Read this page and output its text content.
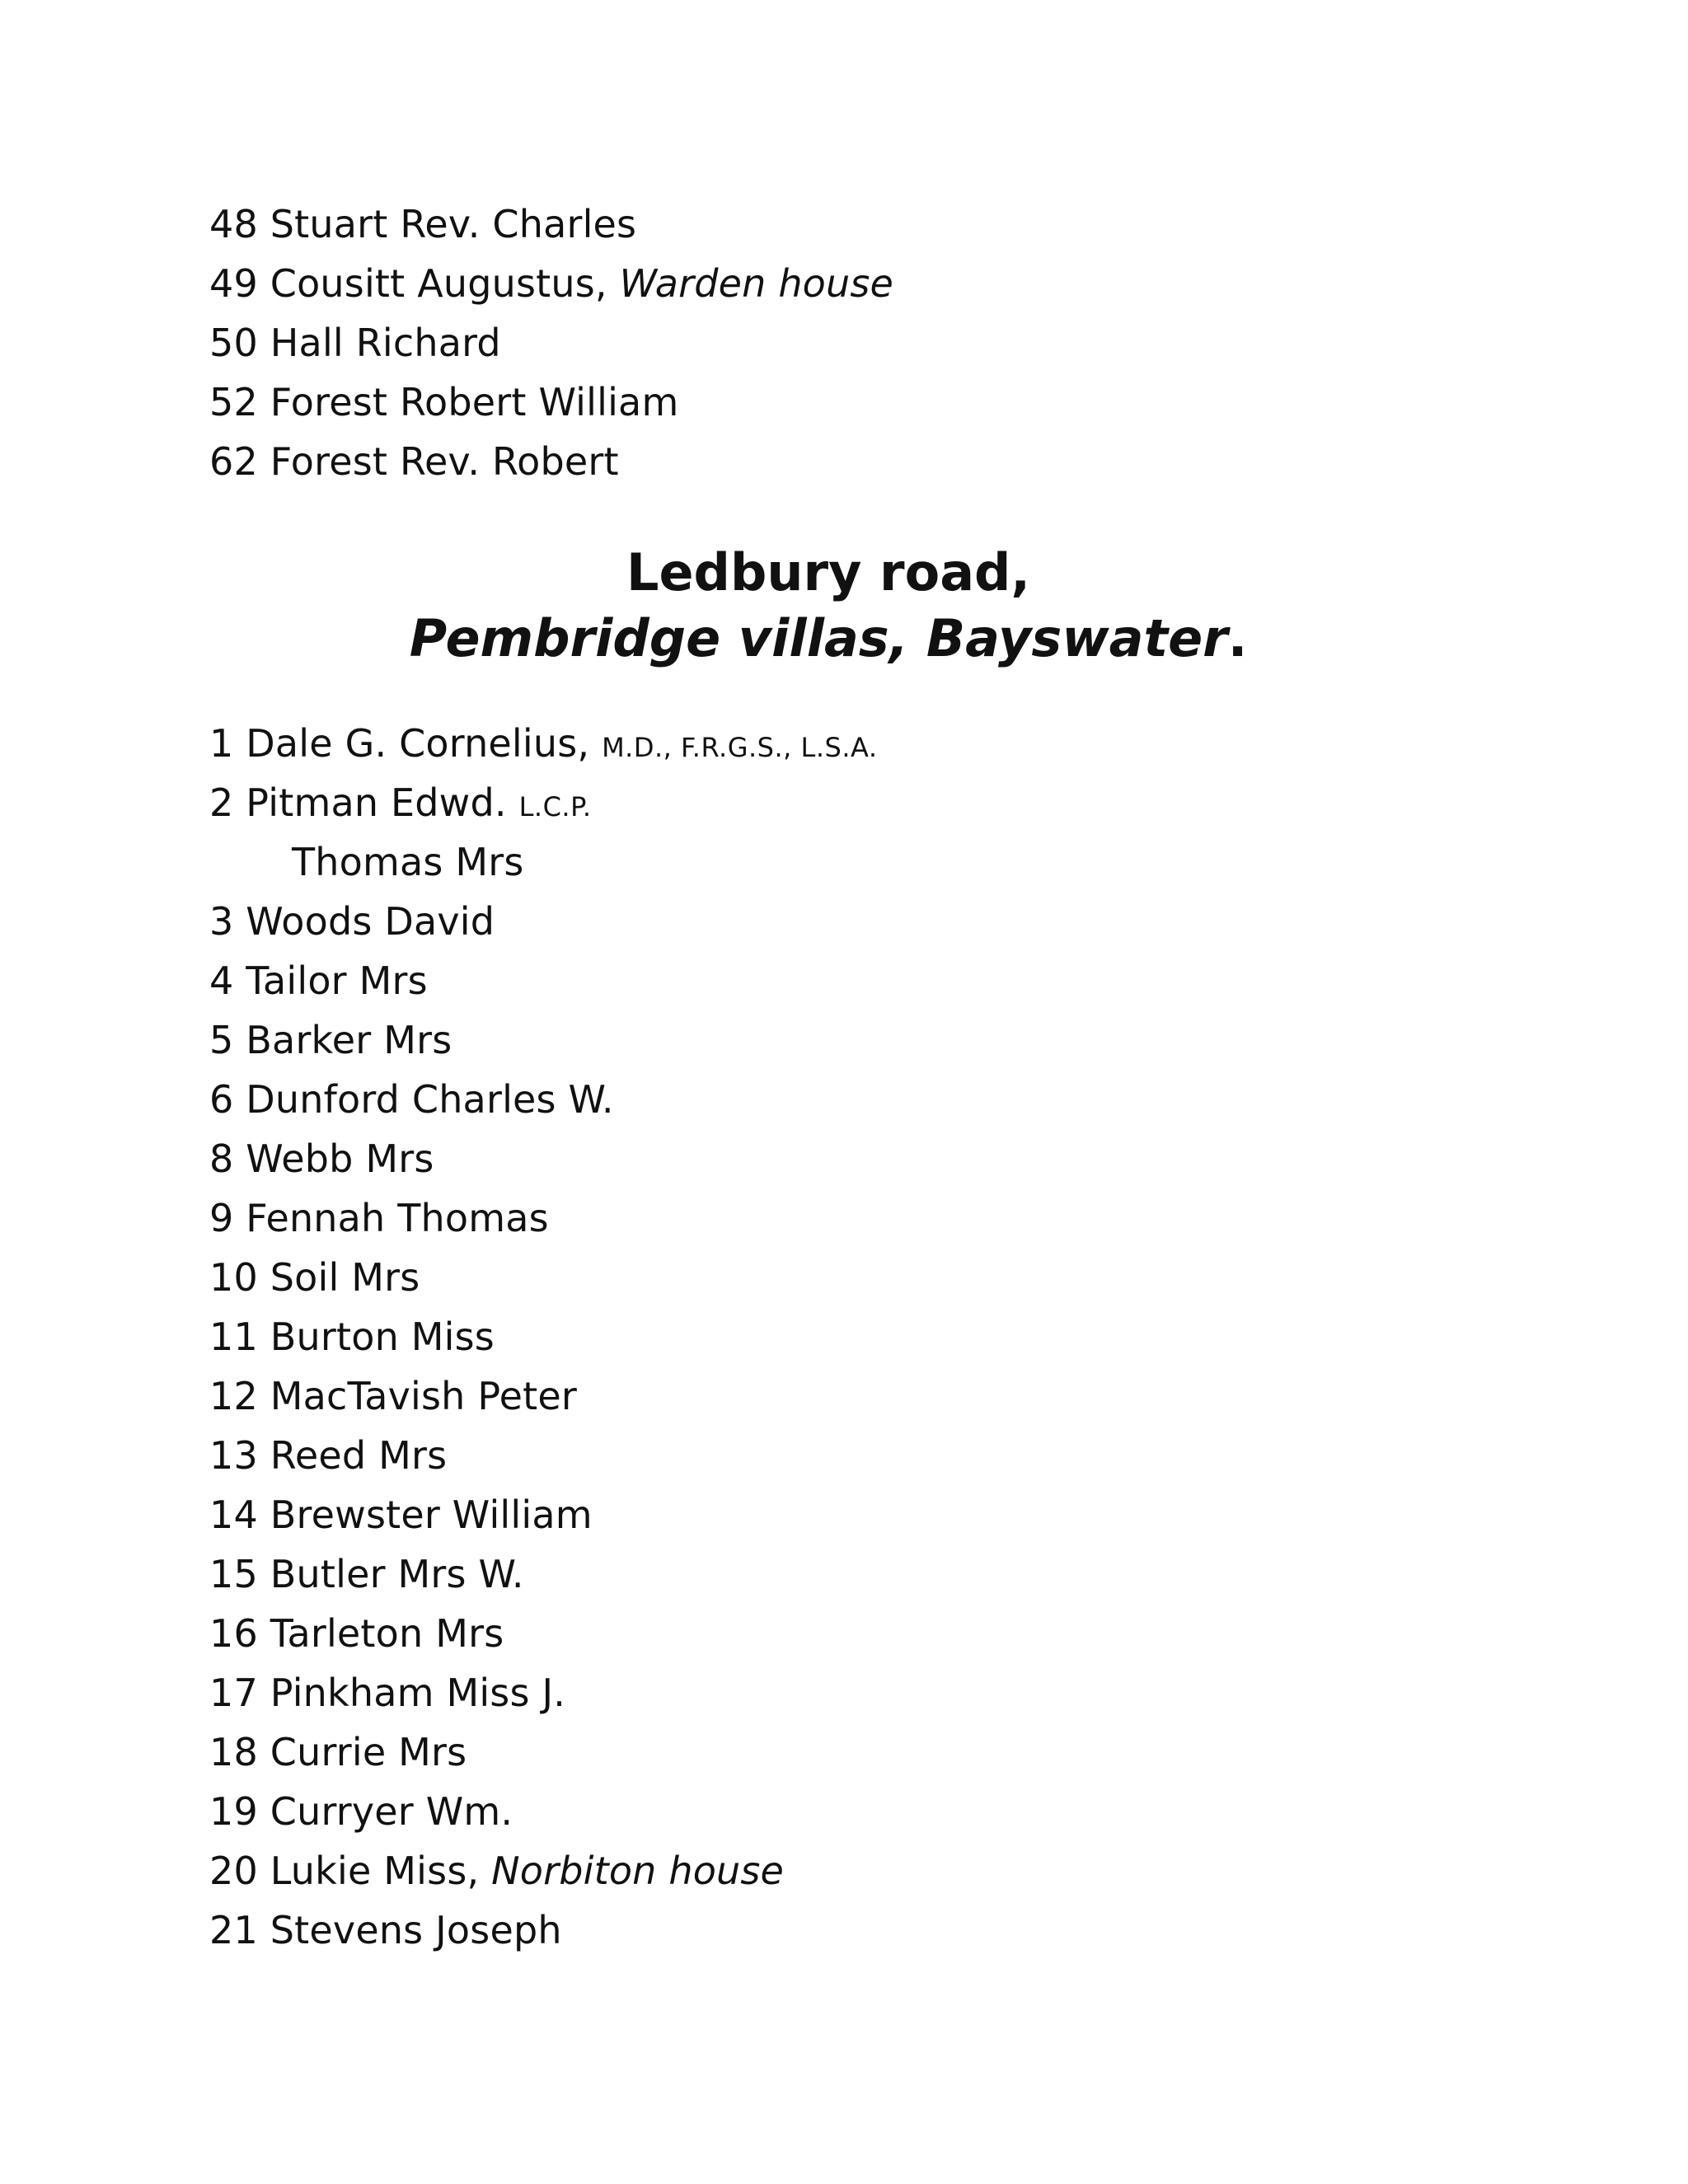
48 Stuart Rev. Charles
49 Cousitt Augustus, Warden house
50 Hall Richard
52 Forest Robert William
62 Forest Rev. Robert
Ledbury road,
Pembridge villas, Bayswater.
1 Dale G. Cornelius, M.D., F.R.G.S., L.S.A.
2 Pitman Edwd. L.C.P.
Thomas Mrs
3 Woods David
4 Tailor Mrs
5 Barker Mrs
6 Dunford Charles W.
8 Webb Mrs
9 Fennah Thomas
10 Soil Mrs
11 Burton Miss
12 MacTavish Peter
13 Reed Mrs
14 Brewster William
15 Butler Mrs W.
16 Tarleton Mrs
17 Pinkham Miss J.
18 Currie Mrs
19 Curryer Wm.
20 Lukie Miss, Norbiton house
21 Stevens Joseph
